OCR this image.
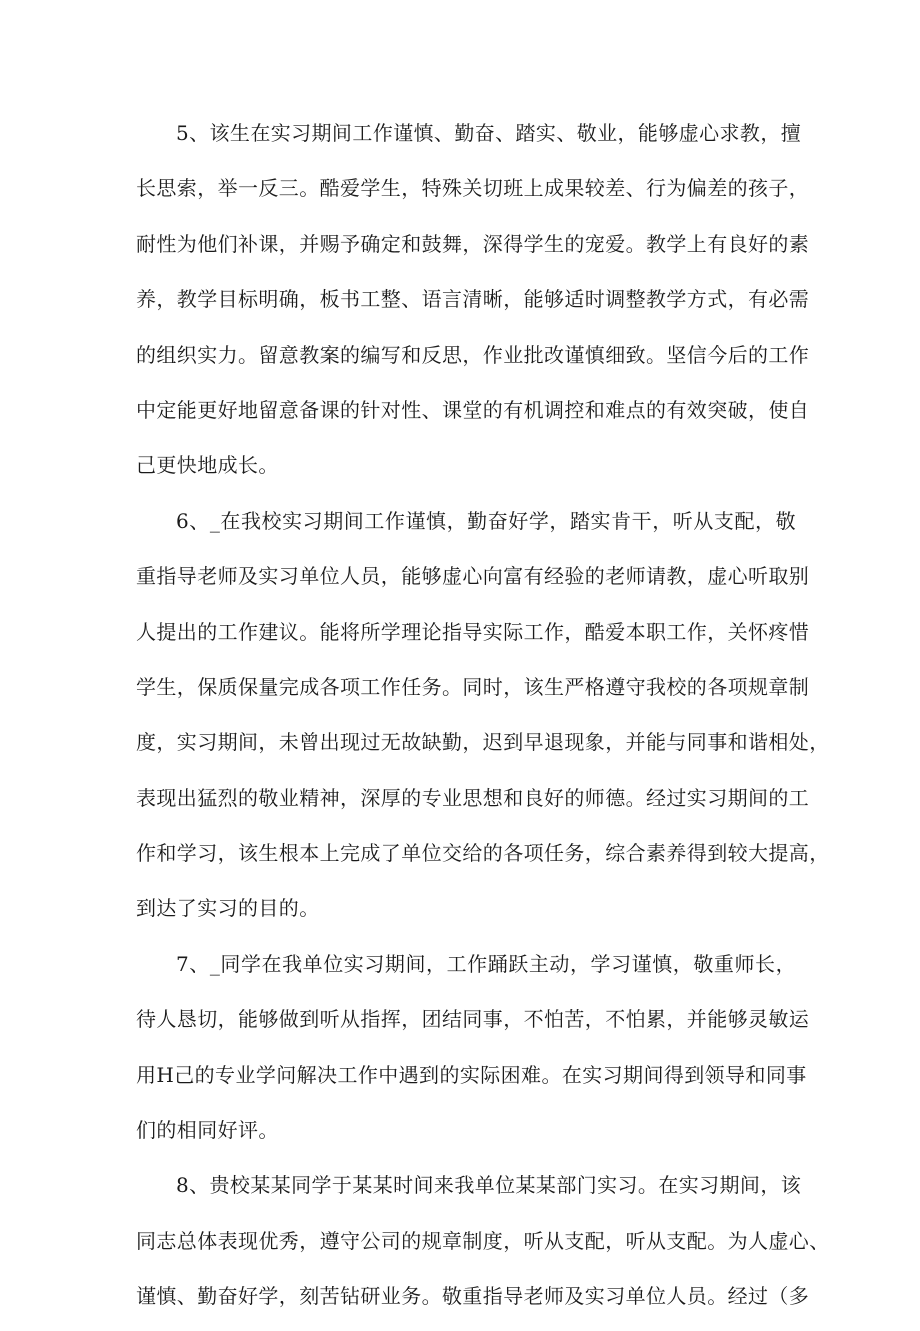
5、该生在实习期间工作谨慎、勤奋、踏实、敬业，能够虚心求教，擅
长思索，举一反三。酷爱学生，特殊关切班上成果较差、行为偏差的孩子，
耐性为他们补课，并赐予确定和鼓舞，深得学生的宠爱。教学上有良好的素
养，教学目标明确，板书工整、语言清晰，能够适时调整教学方式，有必需
的组织实力。留意教案的编写和反思，作业批改谨慎细致。坚信今后的工作
中定能更好地留意备课的针对性、课堂的有机调控和难点的有效突破，使自
己更快地成长。
6、_在我校实习期间工作谨慎，勤奋好学，踏实肯干，听从支配，敬
重指导老师及实习单位人员，能够虚心向富有经验的老师请教，虚心听取别
人提出的工作建议。能将所学理论指导实际工作，酷爱本职工作，关怀疼惜
学生，保质保量完成各项工作任务。同时，该生严格遵守我校的各项规章制
度，实习期间，未曾出现过无故缺勤，迟到早退现象，并能与同事和谐相处，
表现出猛烈的敬业精神，深厚的专业思想和良好的师德。经过实习期间的工
作和学习，该生根本上完成了单位交给的各项任务，综合素养得到较大提高，
到达了实习的目的。
7、_同学在我单位实习期间，工作踊跃主动，学习谨慎，敬重师长，
待人恳切，能够做到听从指挥，团结同事，不怕苦，不怕累，并能够灵敏运
用H己的专业学问解决工作中遇到的实际困难。在实习期间得到领导和同事
们的相同好评。
8、贵校某某同学于某某时间来我单位某某部门实习。在实习期间，该
同志总体表现优秀，遵守公司的规章制度，听从支配，听从支配。为人虚心、
谨慎、勤奋好学，刻苦钻研业务。敬重指导老师及实习单位人员。经过（多
